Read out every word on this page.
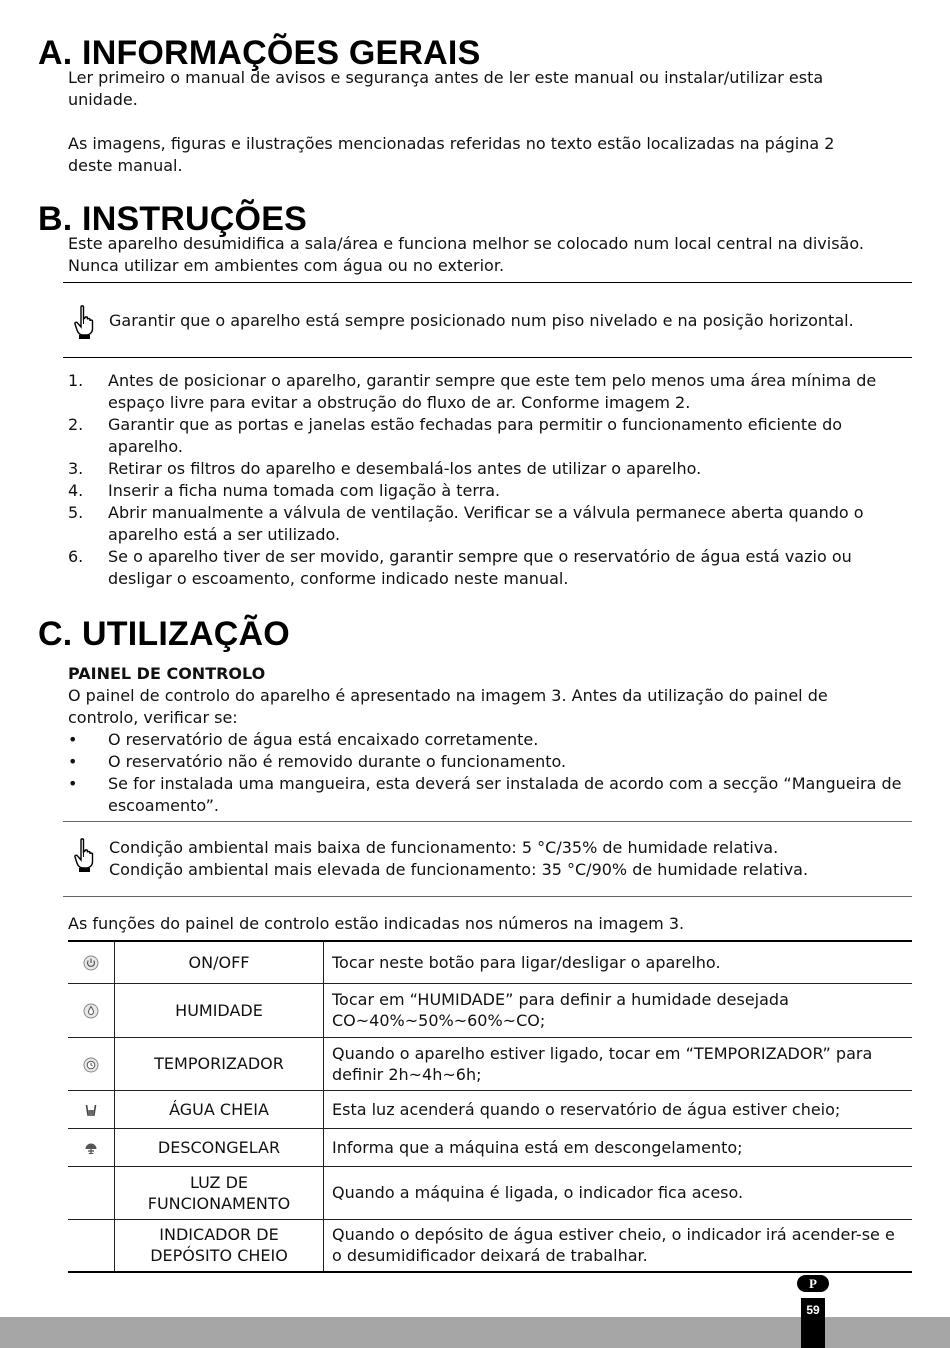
A. INFORMAÇÕES GERAIS

Ler primeiro o manual de avisos e segurança antes de ler este manual ou instalar/utilizar esta

unidade.

As imagens, figuras e ilustrações mencionadas referidas no texto estão localizadas na página 2

deste manual.

B. INSTRUÇÕES

Este aparelho desumidifica a sala/área e funciona melhor se colocado num local central na divisão.

Nunca utilizar em ambientes com água ou no exterior.

Garantir que o aparelho está sempre posicionado num piso nivelado e na posição horizontal.

1. Antes de posicionar o aparelho, garantir sempre que este tem pelo menos uma área mínima de espaço livre para evitar a obstrução do fluxo de ar. Conforme imagem 2.
2. Garantir que as portas e janelas estão fechadas para permitir o funcionamento eficiente do aparelho.
3. Retirar os filtros do aparelho e desembalá-los antes de utilizar o aparelho.
4. Inserir a ficha numa tomada com ligação à terra.
5. Abrir manualmente a válvula de ventilação. Verificar se a válvula permanece aberta quando o aparelho está a ser utilizado.
6. Se o aparelho tiver de ser movido, garantir sempre que o reservatório de água está vazio ou desligar o escoamento, conforme indicado neste manual.
C. UTILIZAÇÃO

PAINEL DE CONTROLO

O painel de controlo do aparelho é apresentado na imagem 3. Antes da utilização do painel de

controlo, verificar se:

• O reservatório de água está encaixado corretamente.
• O reservatório não é removido durante o funcionamento.
• Se for instalada uma mangueira, esta deverá ser instalada de acordo com a secção “Mangueira de escoamento”.

Condição ambiental mais baixa de funcionamento: 5 °C/35% de humidade relativa.

Condição ambiental mais elevada de funcionamento: 35 °C/90% de humidade relativa.

As funções do painel de controlo estão indicadas nos números na imagem 3.

	ON/OFF	Tocar neste botão para ligar/desligar o aparelho.
	HUMIDADE	Tocar em “HUMIDADE” para definir a humidade desejada CO~40%~50%~60%~CO;
	TEMPORIZADOR	Quando o aparelho estiver ligado, tocar em “TEMPORIZADOR” para definir 2h~4h~6h;
	ÁGUA CHEIA	Esta luz acenderá quando o reservatório de água estiver cheio;
	DESCONGELAR	Informa que a máquina está em descongelamento;
	LUZ DE FUNCIONAMENTO	Quando a máquina é ligada, o indicador fica aceso.
	INDICADOR DE DEPÓSITO CHEIO	Quando o depósito de água estiver cheio, o indicador irá acender-se e o desumidificador deixará de trabalhar.
P
59
